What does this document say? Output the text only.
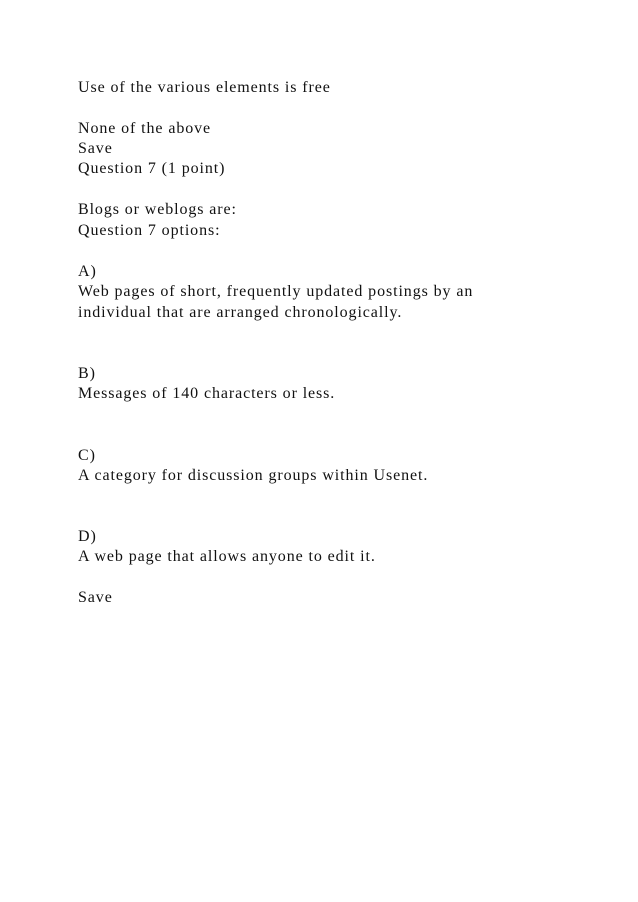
Use of the various elements is free

None of the above

Save

Question 7 (1 point)

Blogs or weblogs are:

Question 7 options:

A)

Web pages of short, frequently updated postings by an

individual that are arranged chronologically.

B)

Messages of 140 characters or less.

C)

A category for discussion groups within Usenet.

D)

A web page that allows anyone to edit it.

Save
